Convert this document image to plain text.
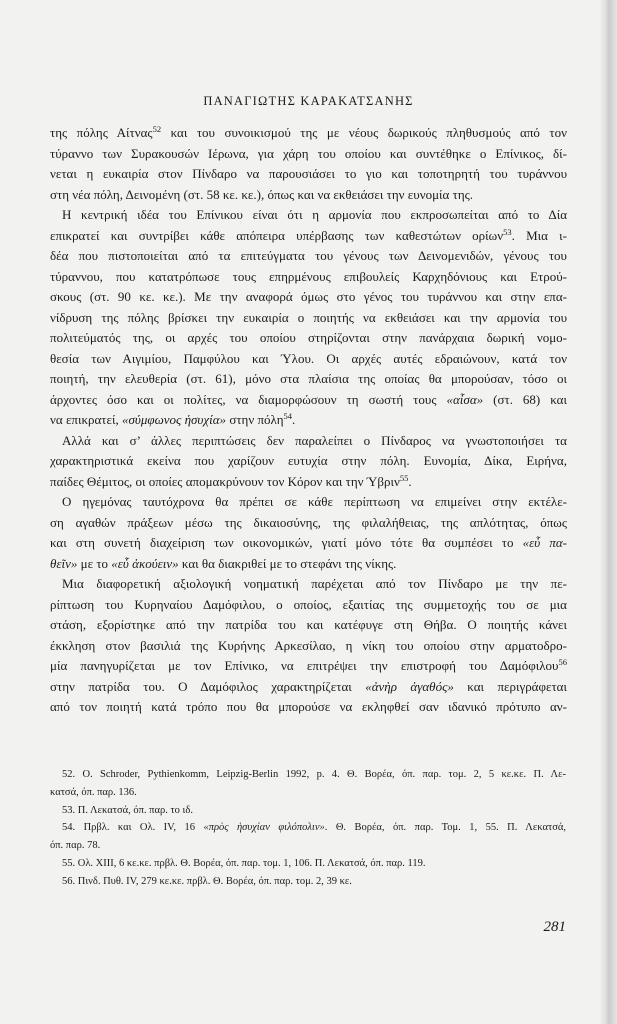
ΠΑΝΑΓΙΩΤΗΣ ΚΑΡΑΚΑΤΣΑΝΗΣ
της πόλης Αίτνας$^{52}$ και του συνοικισμού της με νέους δωρικούς πληθυσμούς από τον
τύραννο των Συρακουσών Ιέρωνα, για χάρη του οποίου και συντέθηκε ο Επίνικος, δί-
νεται η ευκαιρία στον Πίνδαρο να παρουσιάσει το γιο και τοποτηρητή του τυράννου
στη νέα πόλη, Δεινομένη (στ. 58 κε. κε.), όπως και να εκθειάσει την ευνομία της.
Η κεντρική ιδέα του Επίνικου είναι ότι η αρμονία που εκπροσωπείται από το Δία
επικρατεί και συντρίβει κάθε απόπειρα υπέρβασης των καθεστώτων ορίων$^{53}$. Μια ι-
δέα που πιστοποιείται από τα επιτεύγματα του γένους των Δεινομενιδών, γένους του
τύραννου, που κατατρόπωσε τους επηρμένους επιβουλείς Καρχηδόνιους και Ετρού-
σκους (στ. 90 κε. κε.). Με την αναφορά όμως στο γένος του τυράννου και στην επα-
νίδρυση της πόλης βρίσκει την ευκαιρία ο ποιητής να εκθειάσει και την αρμονία του
πολιτεύματός της, οι αρχές του οποίου στηρίζονται στην πανάρχαια δωρική νομο-
θεσία των Αιγιμίου, Παμφύλου και Ύλου. Οι αρχές αυτές εδραιώνουν, κατά τον
ποιητή, την ελευθερία (στ. 61), μόνο στα πλαίσια της οποίας θα μπορούσαν, τόσο οι
άρχοντες όσο και οι πολίτες, να διαμορφώσουν τη σωστή τους «αἶσα» (στ. 68) και
να επικρατεί, «σύμφωνος ἡσυχία» στην πόλη$^{54}$.
Αλλά και σ’ άλλες περιπτώσεις δεν παραλείπει ο Πίνδαρος να γνωστοποιήσει τα
χαρακτηριστικά εκείνα που χαρίζουν ευτυχία στην πόλη. Ευνομία, Δίκα, Ειρήνα,
παίδες Θέμιτος, οι οποίες απομακρύνουν τον Κόρον και την Ύβριν$^{55}$.
Ο ηγεμόνας ταυτόχρονα θα πρέπει σε κάθε περίπτωση να επιμείνει στην εκτέλε-
ση αγαθών πράξεων μέσω της δικαιοσύνης, της φιλαλήθειας, της απλότητας, όπως
και στη συνετή διαχείριση των οικονομικών, γιατί μόνο τότε θα συμπέσει το «εὖ πα-
θεῖν» με το «εὖ ἀκούειν» και θα διακριθεί με το στεφάνι της νίκης.
Μια διαφορετική αξιολογική νοηματική παρέχεται από τον Πίνδαρο με την πε-
ρίπτωση του Κυρηναίου Δαμόφιλου, ο οποίος, εξαιτίας της συμμετοχής του σε μια
στάση, εξορίστηκε από την πατρίδα του και κατέφυγε στη Θήβα. Ο ποιητής κάνει
έκκληση στον βασιλιά της Κυρήνης Αρκεσίλαο, η νίκη του οποίου στην αρματοδρο-
μία πανηγυρίζεται με τον Επίνικο, να επιτρέψει την επιστροφή του Δαμόφιλου$^{56}$
στην πατρίδα του. Ο Δαμόφιλος χαρακτηρίζεται «ἀνὴρ ἀγαθός» και περιγράφεται
από τον ποιητή κατά τρόπο που θα μπορούσε να εκληφθεί σαν ιδανικό πρότυπο αν-
52. O. Schroder, Pythienkomm, Leipzig-Berlin 1992, p. 4. Θ. Βορέα, όπ. παρ. τομ. 2, 5 κε.κε. Π. Λε-
κατσά, όπ. παρ. 136.
53. Π. Λεκατσά, όπ. παρ. το ιδ.
54. Πρβλ. και Ολ. IV, 16 «πρὸς ἡσυχίαν φιλόπολιν». Θ. Βορέα, όπ. παρ. Τομ. 1, 55. Π. Λεκατσά,
όπ. παρ. 78.
55. Ολ. XIII, 6 κε.κε. πρβλ. Θ. Βορέα, όπ. παρ. τομ. 1, 106. Π. Λεκατσά, όπ. παρ. 119.
56. Πινδ. Πυθ. IV, 279 κε.κε. πρβλ. Θ. Βορέα, όπ. παρ. τομ. 2, 39 κε.
281
